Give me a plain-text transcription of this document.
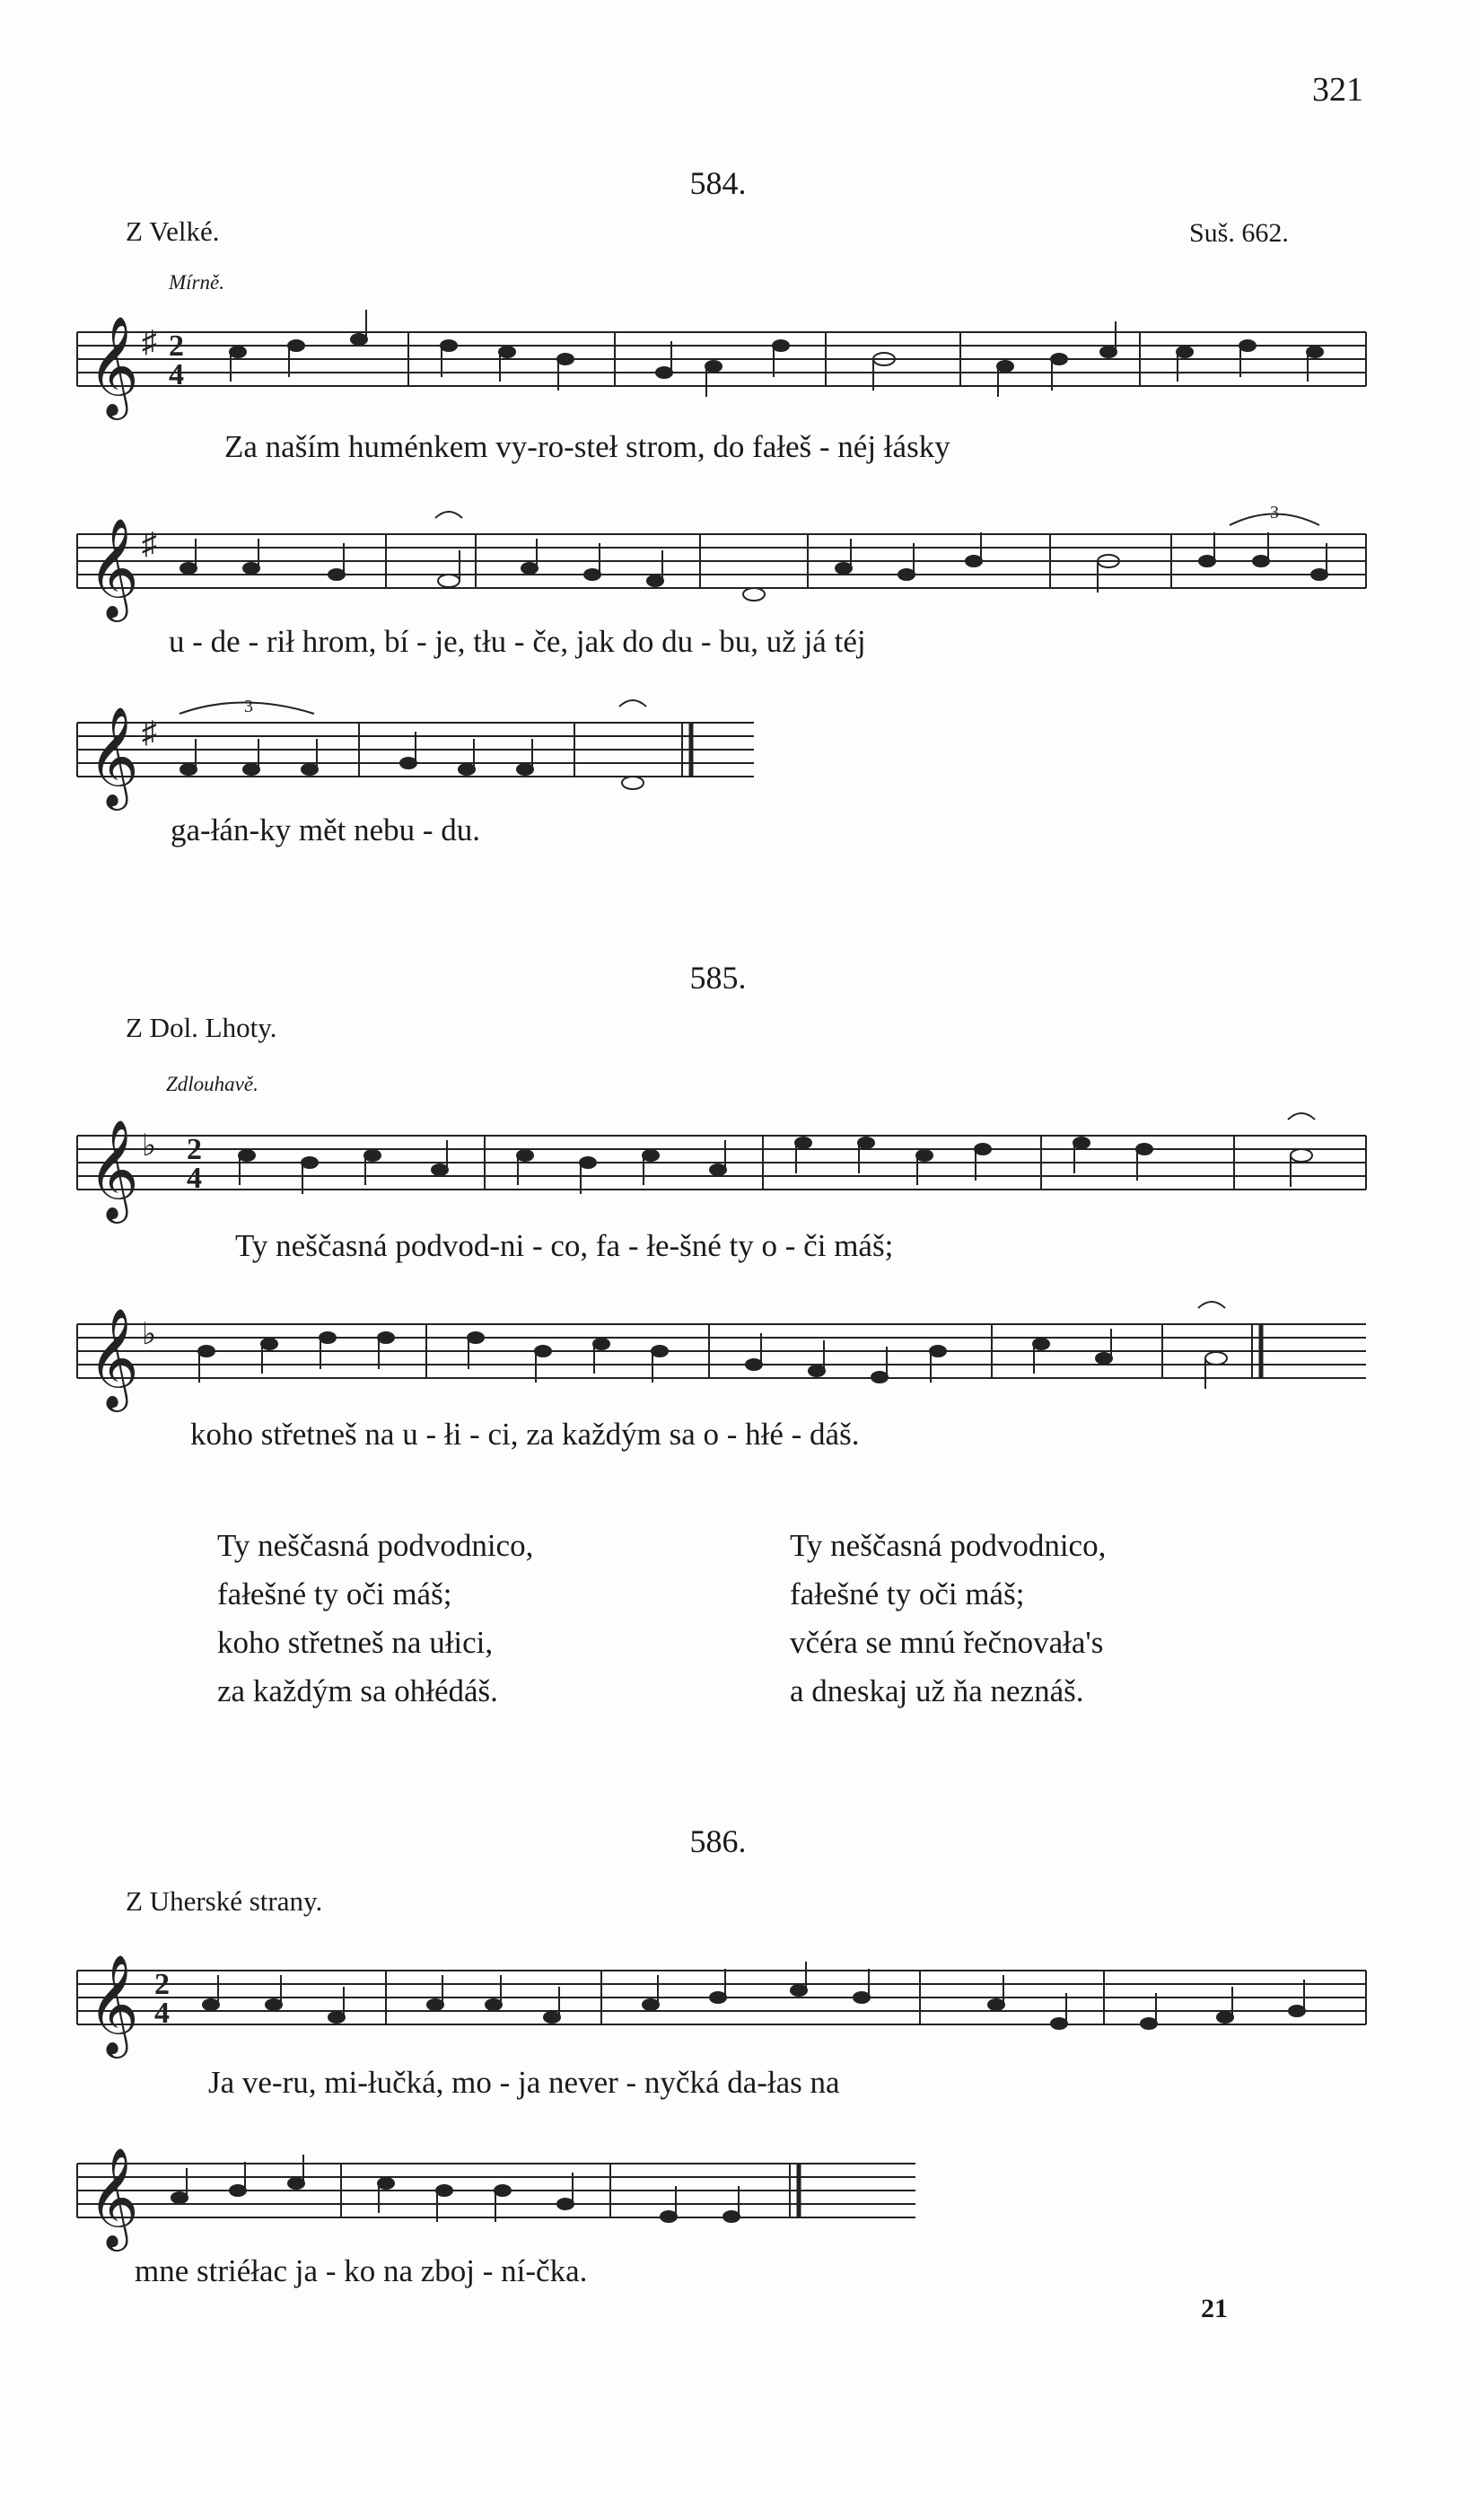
321
584.
Z Velké.	Suš. 662.
Mírně.
𝄞 ♯ 2
4
Za naším huménkem vy-ro-steł strom, do fałeš - néj łásky
𝄞 ♯
3
u - de - rił hrom, bí - je, tłu - če, jak do du - bu, už já téj
𝄞 ♯
3
ga-łán-ky mět nebu - du.
585.
Z Dol. Lhoty.
Zdlouhavě.
𝄞 ♭ 2
4
Ty neščasná podvod-ni - co, fa - łe-šné ty o - či máš;
𝄞 ♭
koho střetneš na u - łi - ci, za každým sa o - hłé - dáš.
Ty neščasná podvodnico,
fałešné ty oči máš;
koho střetneš na ułici,
za každým sa ohłédáš.
Ty neščasná podvodnico,
fałešné ty oči máš;
včéra se mnú řečnovała's
a dneskaj už ňa neznáš.
586.
Z Uherské strany.
𝄞 2
4
Ja ve-ru, mi-łučká, mo - ja never - nyčká da-łas na
𝄞
mne striéłac ja - ko na zboj - ní-čka.
21
